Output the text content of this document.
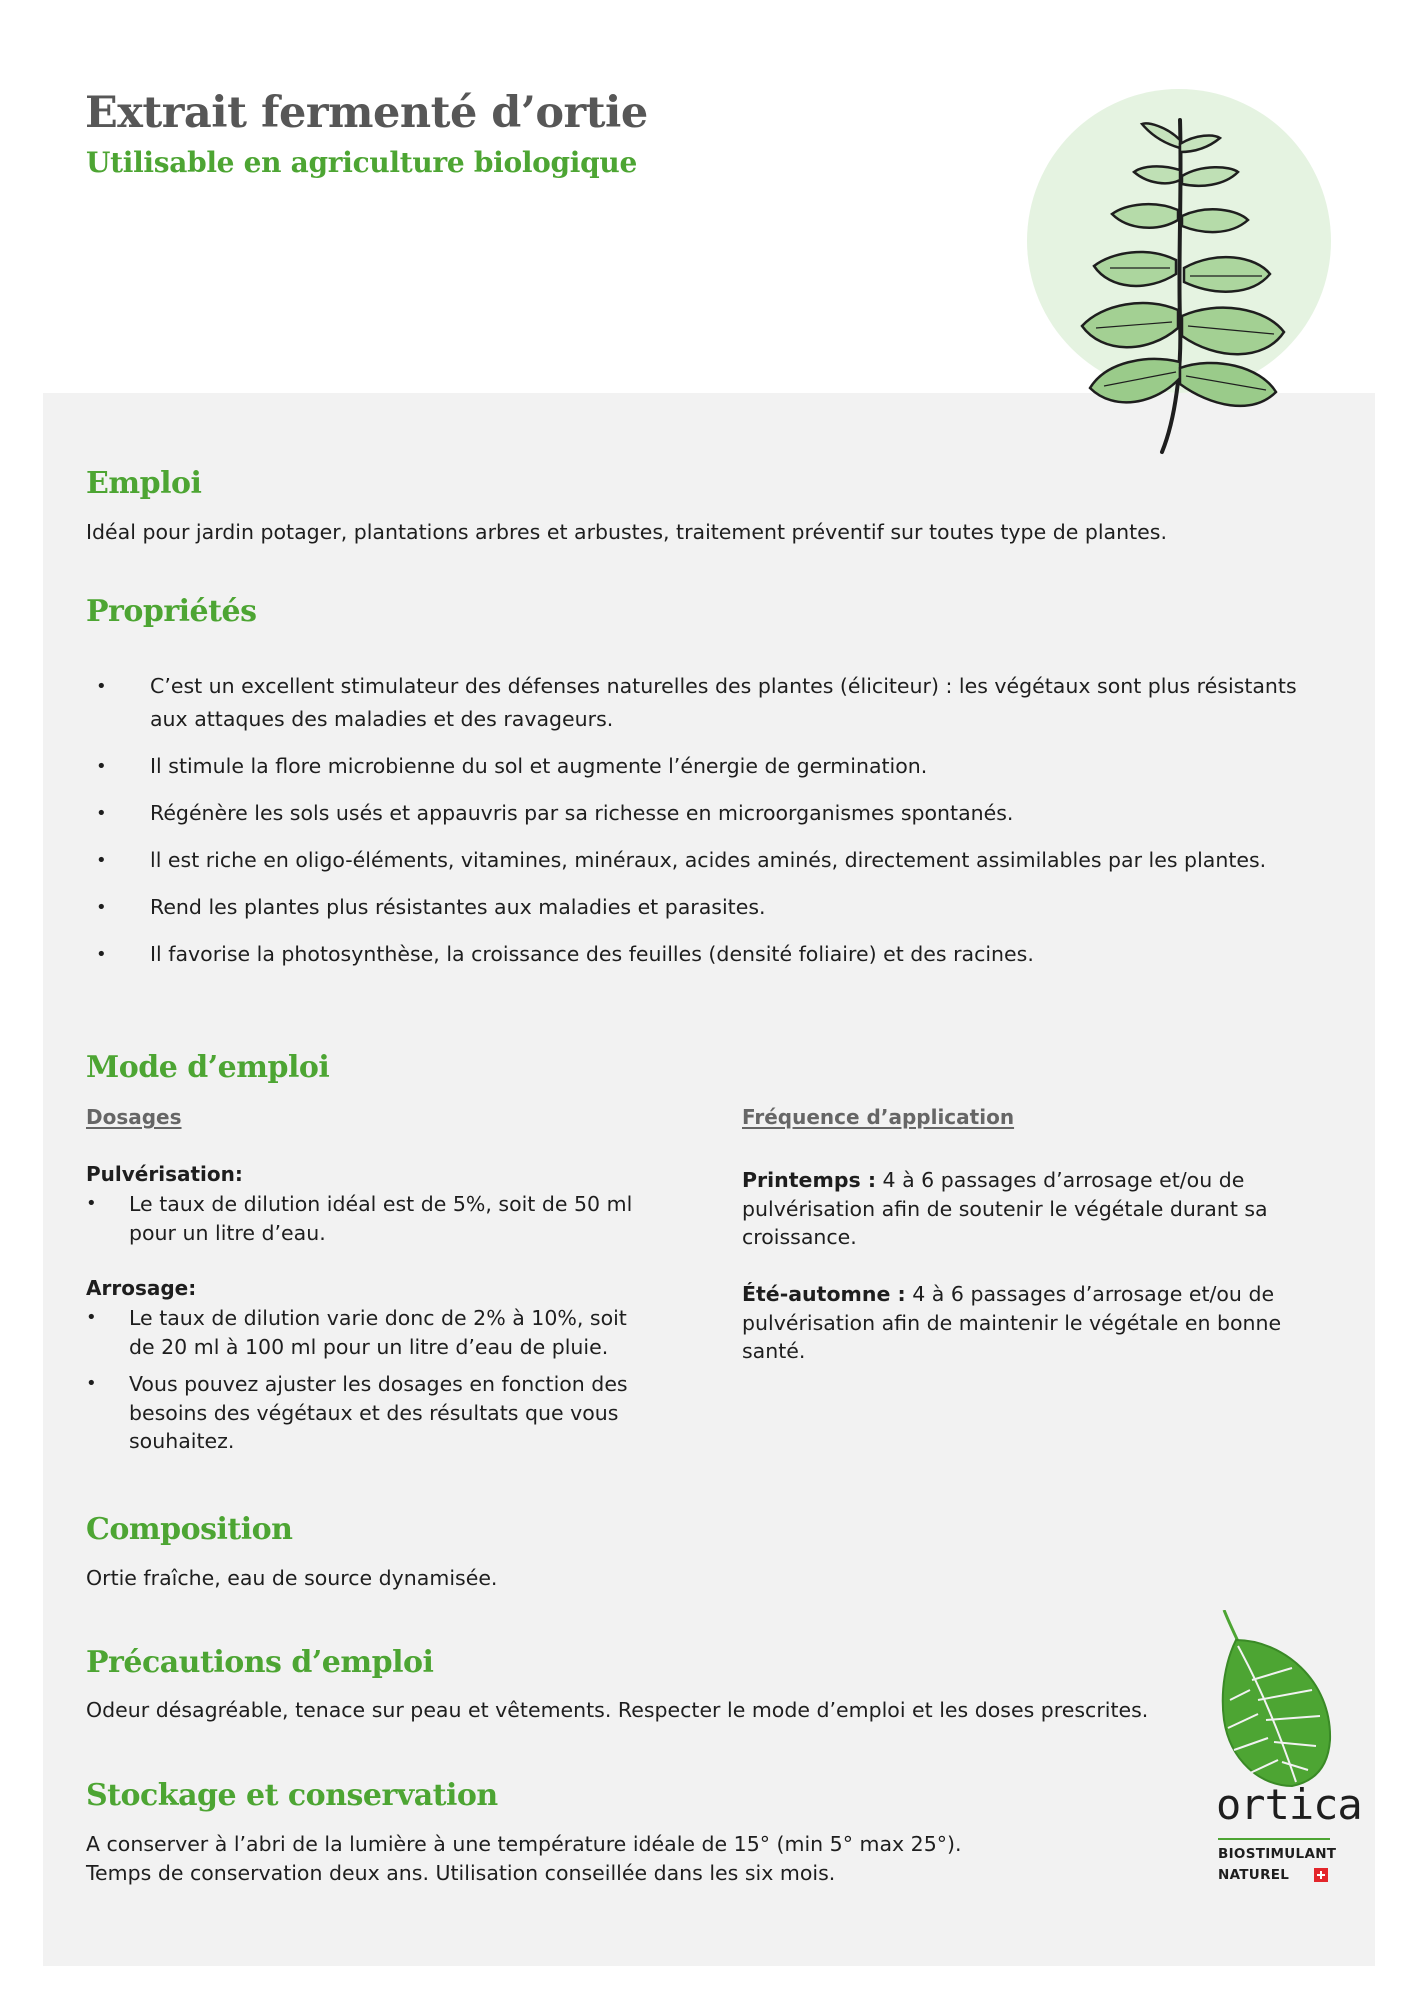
Extrait fermenté d’ortie

Utilisable en agriculture biologique

Emploi

Idéal pour jardin potager, plantations arbres et arbustes, traitement préventif sur toutes type de plantes.

Propriétés
• C’est un excellent stimulateur des défenses naturelles des plantes (éliciteur) : les végétaux sont plus résistants aux attaques des maladies et des ravageurs.
• Il stimule la flore microbienne du sol et augmente l’énergie de germination.
• Régénère les sols usés et appauvris par sa richesse en microorganismes spontanés.
• ll est riche en oligo-éléments, vitamines, minéraux, acides aminés, directement assimilables par les plantes.
• Rend les plantes plus résistantes aux maladies et parasites.
• Il favorise la photosynthèse, la croissance des feuilles (densité foliaire) et des racines.
Mode d’emploi

Dosages

Pulvérisation:

• Le taux de dilution idéal est de 5%, soit de 50 ml pour un litre d’eau.

Arrosage:

• Le taux de dilution varie donc de 2% à 10%, soit de 20 ml à 100 ml pour un litre d’eau de pluie.
• Vous pouvez ajuster les dosages en fonction des besoins des végétaux et des résultats que vous souhaitez.

Fréquence d’application

Printemps : 4 à 6 passages d’arrosage et/ou de pulvérisation afin de soutenir le végétale durant sa croissance.

Été-automne : 4 à 6 passages d’arrosage et/ou de pulvérisation afin de maintenir le végétale en bonne santé.

Composition

Ortie fraîche, eau de source dynamisée.

Précautions d’emploi

Odeur désagréable, tenace sur peau et vêtements. Respecter le mode d’emploi et les doses prescrites.

Stockage et conservation

A conserver à l’abri de la lumière à une température idéale de 15° (min 5° max 25°).

Temps de conservation deux ans. Utilisation conseillée dans les six mois.

ortica

BIOSTIMULANT

NATUREL
